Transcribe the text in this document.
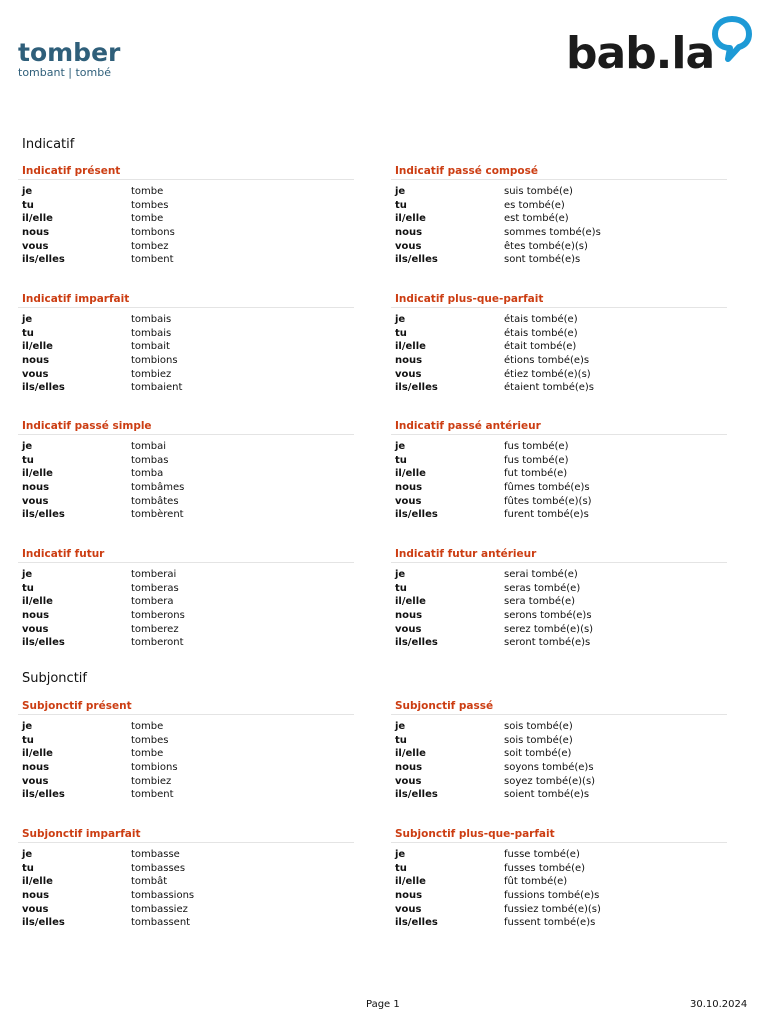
tomber
tombant | tombé	bab.la
Indicatif
Indicatif présent
je	tombe
tu	tombes
il/elle	tombe
nous	tombons
vous	tombez
ils/elles	tombent
Indicatif passé composé
je	suis tombé(e)
tu	es tombé(e)
il/elle	est tombé(e)
nous	sommes tombé(e)s
vous	êtes tombé(e)(s)
ils/elles	sont tombé(e)s
Indicatif imparfait
je	tombais
tu	tombais
il/elle	tombait
nous	tombions
vous	tombiez
ils/elles	tombaient
Indicatif plus-que-parfait
je	étais tombé(e)
tu	étais tombé(e)
il/elle	était tombé(e)
nous	étions tombé(e)s
vous	étiez tombé(e)(s)
ils/elles	étaient tombé(e)s
Indicatif passé simple
je	tombai
tu	tombas
il/elle	tomba
nous	tombâmes
vous	tombâtes
ils/elles	tombèrent
Indicatif passé antérieur
je	fus tombé(e)
tu	fus tombé(e)
il/elle	fut tombé(e)
nous	fûmes tombé(e)s
vous	fûtes tombé(e)(s)
ils/elles	furent tombé(e)s
Indicatif futur
je	tomberai
tu	tomberas
il/elle	tombera
nous	tomberons
vous	tomberez
ils/elles	tomberont
Indicatif futur antérieur
je	serai tombé(e)
tu	seras tombé(e)
il/elle	sera tombé(e)
nous	serons tombé(e)s
vous	serez tombé(e)(s)
ils/elles	seront tombé(e)s
Subjonctif
Subjonctif présent
je	tombe
tu	tombes
il/elle	tombe
nous	tombions
vous	tombiez
ils/elles	tombent
Subjonctif passé
je	sois tombé(e)
tu	sois tombé(e)
il/elle	soit tombé(e)
nous	soyons tombé(e)s
vous	soyez tombé(e)(s)
ils/elles	soient tombé(e)s
Subjonctif imparfait
je	tombasse
tu	tombasses
il/elle	tombât
nous	tombassions
vous	tombassiez
ils/elles	tombassent
Subjonctif plus-que-parfait
je	fusse tombé(e)
tu	fusses tombé(e)
il/elle	fût tombé(e)
nous	fussions tombé(e)s
vous	fussiez tombé(e)(s)
ils/elles	fussent tombé(e)s
Page 1	30.10.2024
